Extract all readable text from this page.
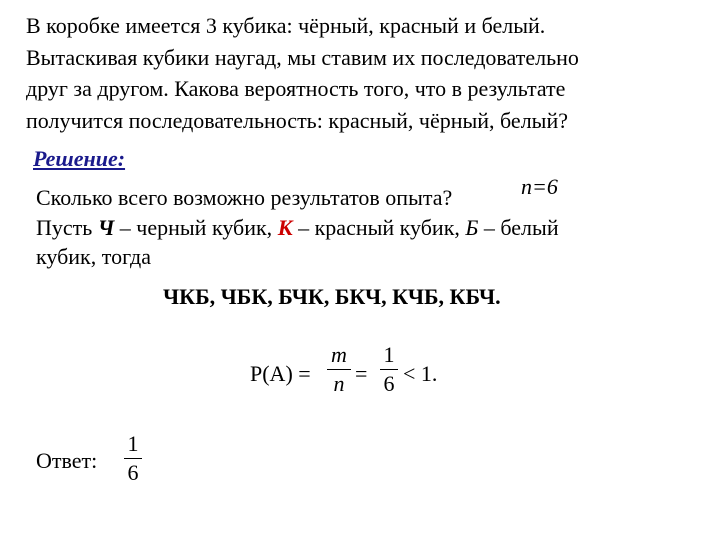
В коробке имеется 3 кубика: чёрный, красный и белый.
Вытаскивая кубики наугад, мы ставим их последовательно
друг за другом. Какова вероятность того, что в результате
получится последовательность: красный, чёрный, белый?
Решение:
Сколько всего возможно результатов опыта?	n=6
Пусть Ч – черный кубик, К – красный кубик, Б – белый
кубик, тогда
ЧКБ, ЧБК, БЧК, БКЧ, КЧБ, КБЧ.
P(A) =
m
n =
1
6 < 1.
Ответ:
1
6
